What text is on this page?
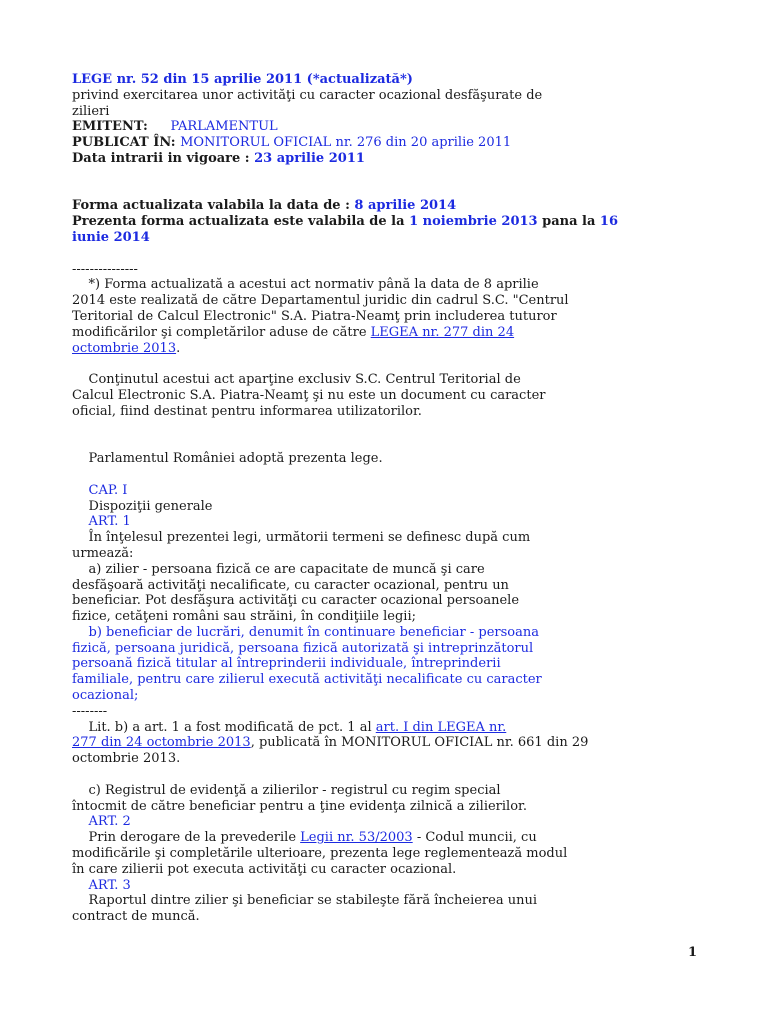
LEGE nr. 52 din 15 aprilie 2011 (*actualizată*)
privind exercitarea unor activităţi cu caracter ocazional desfăşurate de
zilieri
EMITENT:     PARLAMENTUL
PUBLICAT ÎN: MONITORUL OFICIAL nr. 276 din 20 aprilie 2011
Data intrarii in vigoare : 23 aprilie 2011
Forma actualizata valabila la data de : 8 aprilie 2014
Prezenta forma actualizata este valabila de la 1 noiembrie 2013 pana la 16
iunie 2014
---------------
*) Forma actualizată a acestui act normativ până la data de 8 aprilie
2014 este realizată de către Departamentul juridic din cadrul S.C. "Centrul
Teritorial de Calcul Electronic" S.A. Piatra-Neamţ prin includerea tuturor
modificărilor şi completărilor aduse de către LEGEA nr. 277 din 24
octombrie 2013.
Conţinutul acestui act aparţine exclusiv S.C. Centrul Teritorial de
Calcul Electronic S.A. Piatra-Neamţ şi nu este un document cu caracter
oficial, fiind destinat pentru informarea utilizatorilor.
Parlamentul României adoptă prezenta lege.
CAP. I
Dispoziţii generale
ART. 1
În înţelesul prezentei legi, următorii termeni se definesc după cum
urmează:
a) zilier - persoana fizică ce are capacitate de muncă şi care
desfăşoară activităţi necalificate, cu caracter ocazional, pentru un
beneficiar. Pot desfăşura activităţi cu caracter ocazional persoanele
fizice, cetăţeni români sau străini, în condiţiile legii;
b) beneficiar de lucrări, denumit în continuare beneficiar - persoana
fizică, persoana juridică, persoana fizică autorizată şi intreprinzătorul
persoană fizică titular al întreprinderii individuale, întreprinderii
familiale, pentru care zilierul execută activităţi necalificate cu caracter
ocazional;
--------
Lit. b) a art. 1 a fost modificată de pct. 1 al art. I din LEGEA nr.
277 din 24 octombrie 2013, publicată în MONITORUL OFICIAL nr. 661 din 29
octombrie 2013.
c) Registrul de evidenţă a zilierilor - registrul cu regim special
întocmit de către beneficiar pentru a ţine evidenţa zilnică a zilierilor.
ART. 2
Prin derogare de la prevederile Legii nr. 53/2003 - Codul muncii, cu
modificările şi completările ulterioare, prezenta lege reglementează modul
în care zilierii pot executa activităţi cu caracter ocazional.
ART. 3
Raportul dintre zilier şi beneficiar se stabileşte fără încheierea unui
contract de muncă.
1
